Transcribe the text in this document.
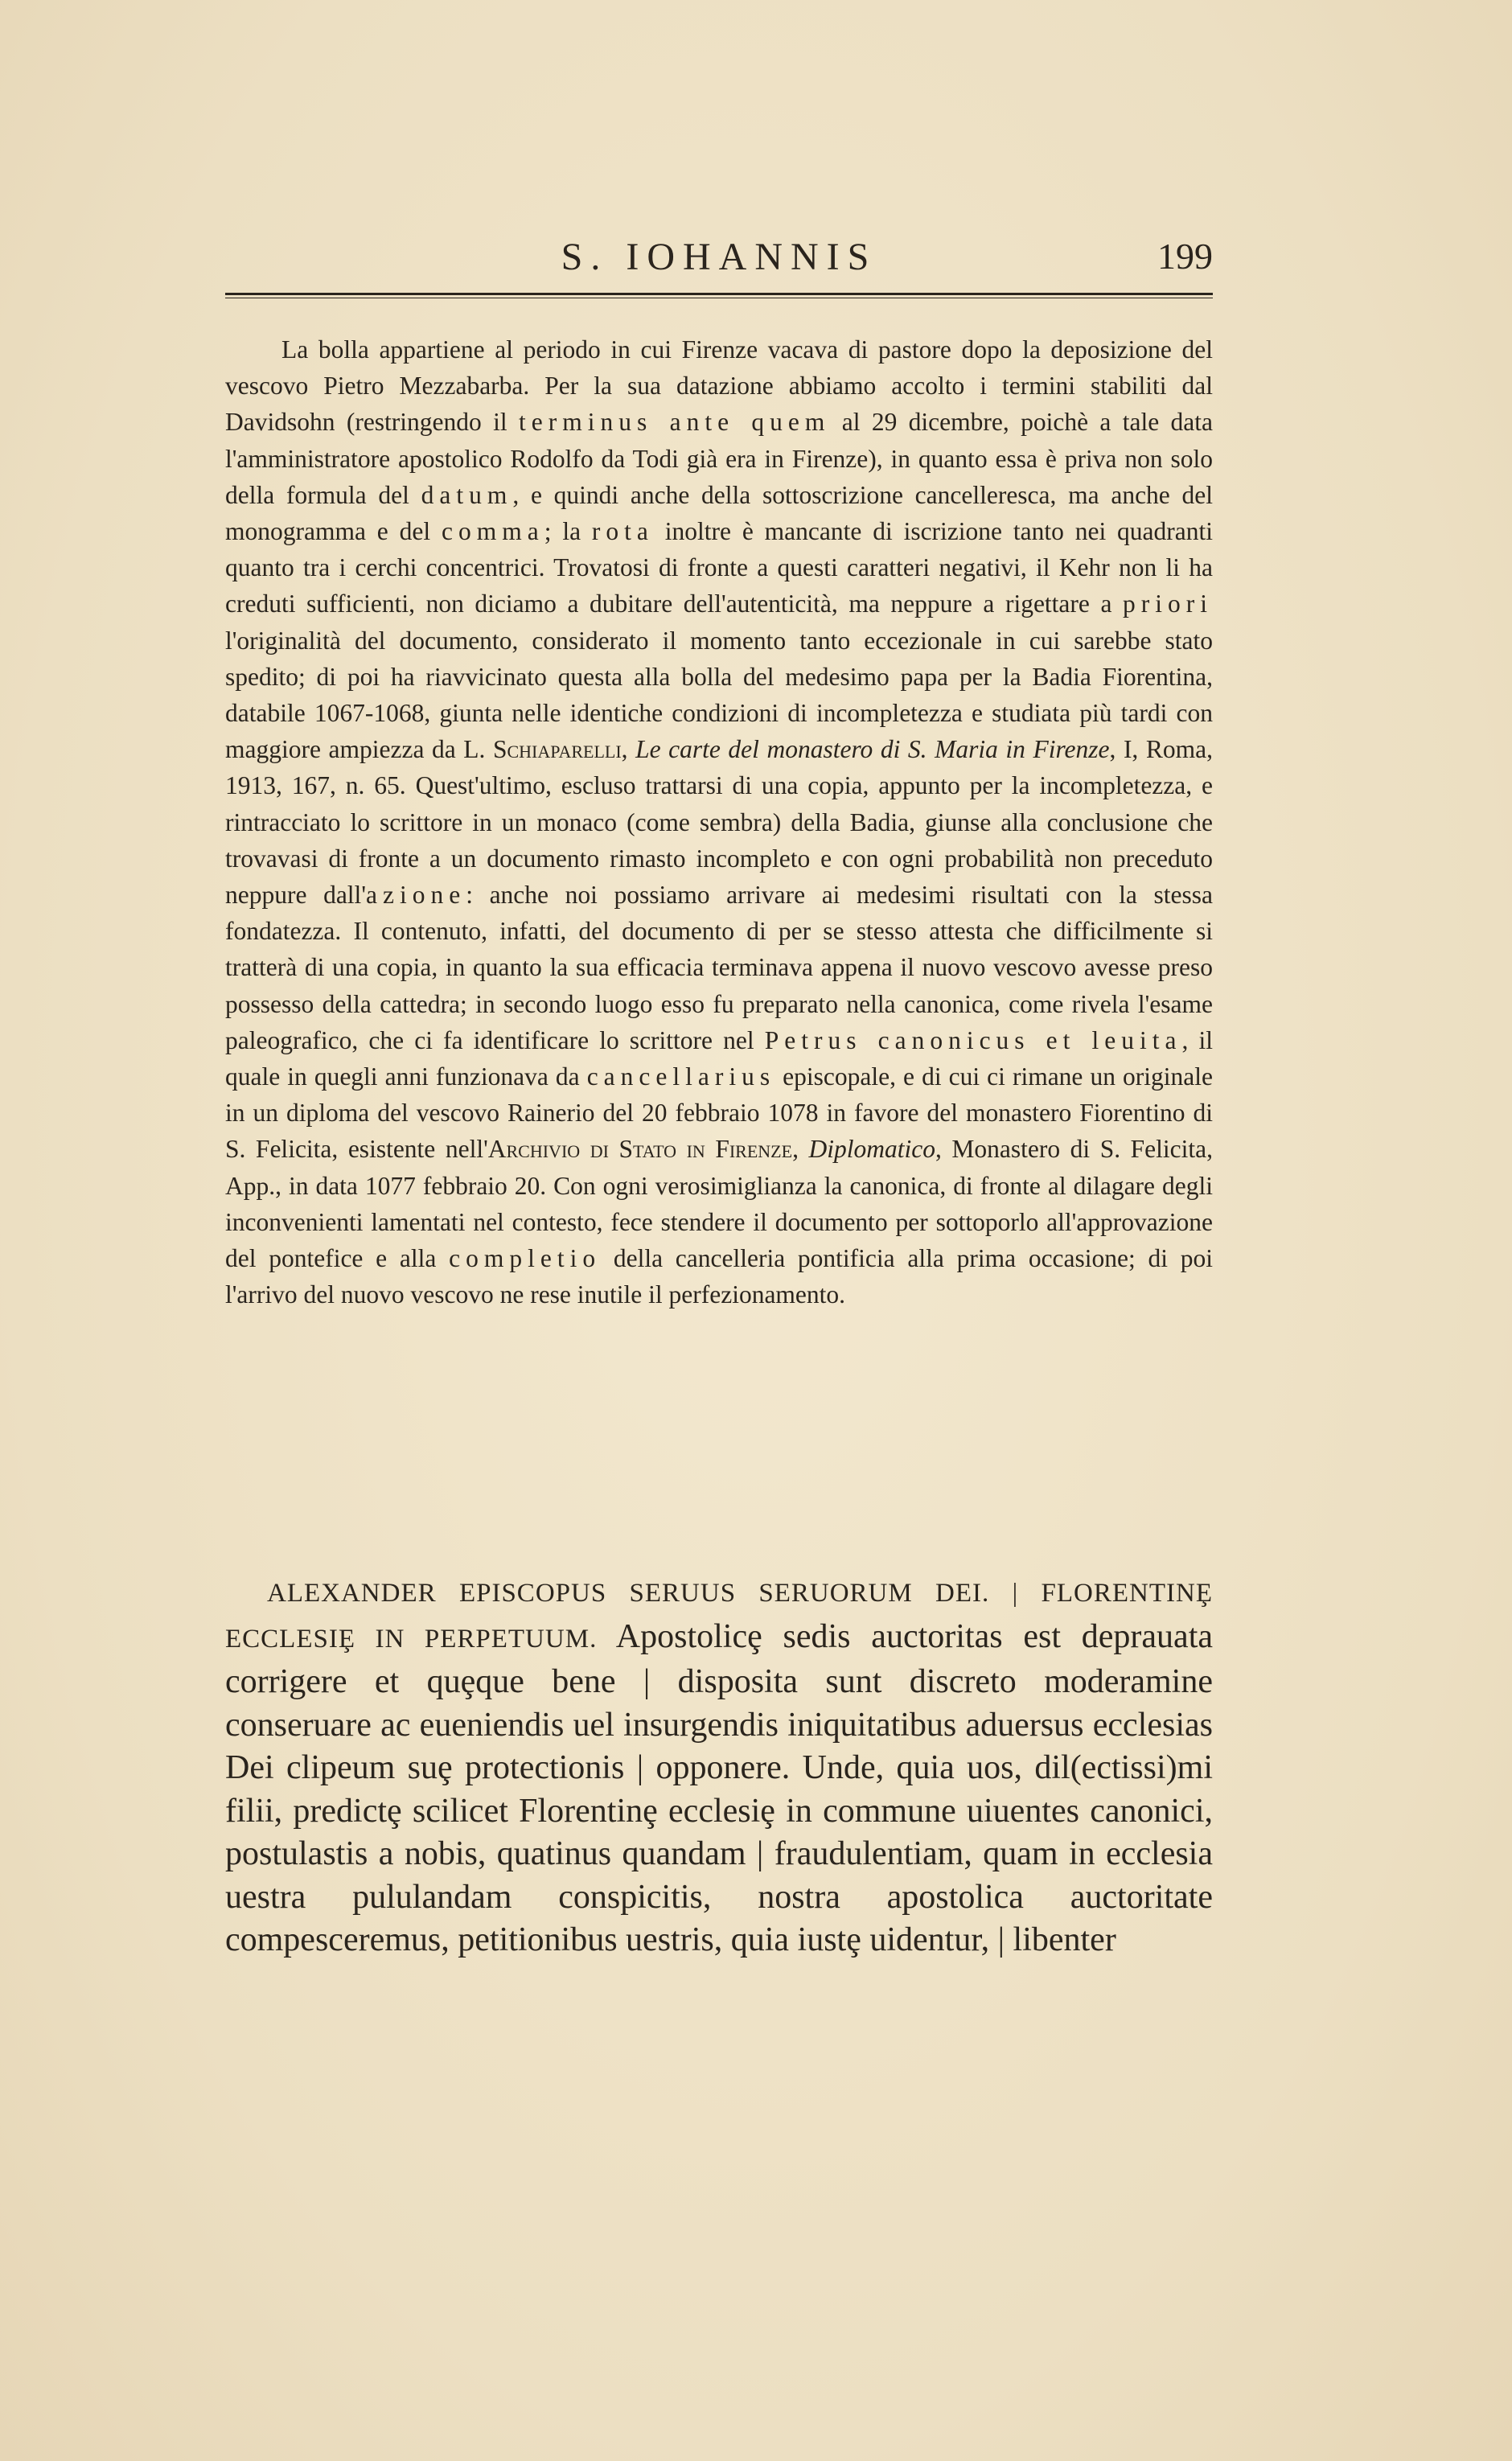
S. IOHANNIS	199

La bolla appartiene al periodo in cui Firenze vacava di pastore dopo la deposizione del vescovo Pietro Mezzabarba. Per la sua datazione abbiamo accolto i termini stabiliti dal Davidsohn (restringendo il terminus ante quem al 29 dicembre, poichè a tale data l'amministratore apostolico Rodolfo da Todi già era in Firenze), in quanto essa è priva non solo della formula del datum, e quindi anche della sottoscrizione cancelleresca, ma anche del monogramma e del comma; la rota inoltre è mancante di iscrizione tanto nei quadranti quanto tra i cerchi concentrici. Trovatosi di fronte a questi caratteri negativi, il Kehr non li ha creduti sufficienti, non diciamo a dubitare dell'autenticità, ma neppure a rigettare a priori l'originalità del documento, considerato il momento tanto eccezionale in cui sarebbe stato spedito; di poi ha riavvicinato questa alla bolla del medesimo papa per la Badia Fiorentina, databile 1067-1068, giunta nelle identiche condizioni di incompletezza e studiata più tardi con maggiore ampiezza da L. Schiaparelli, Le carte del monastero di S. Maria in Firenze, I, Roma, 1913, 167, n. 65. Quest'ultimo, escluso trattarsi di una copia, appunto per la incompletezza, e rintracciato lo scrittore in un monaco (come sembra) della Badia, giunse alla conclusione che trovavasi di fronte a un documento rimasto incompleto e con ogni probabilità non preceduto neppure dall'azione: anche noi possiamo arrivare ai medesimi risultati con la stessa fondatezza. Il contenuto, infatti, del documento di per se stesso attesta che difficilmente si tratterà di una copia, in quanto la sua efficacia terminava appena il nuovo vescovo avesse preso possesso della cattedra; in secondo luogo esso fu preparato nella canonica, come rivela l'esame paleografico, che ci fa identificare lo scrittore nel Petrus canonicus et leuita, il quale in quegli anni funzionava da cancellarius episcopale, e di cui ci rimane un originale in un diploma del vescovo Rainerio del 20 febbraio 1078 in favore del monastero Fiorentino di S. Felicita, esistente nell'Archivio di Stato in Firenze, Diplomatico, Monastero di S. Felicita, App., in data 1077 febbraio 20. Con ogni verosimiglianza la canonica, di fronte al dilagare degli inconvenienti lamentati nel contesto, fece stendere il documento per sottoporlo all'approvazione del pontefice e alla completio della cancelleria pontificia alla prima occasione; di poi l'arrivo del nuovo vescovo ne rese inutile il perfezionamento.

ALEXANDER EPISCOPUS SERUUS SERUORUM DEI. | FLORENTINȨ ECCLESIȨ IN PERPETUUM. Apostolicȩ sedis auctoritas est deprauata corrigere et quȩque bene | disposita sunt discreto moderamine conseruare ac eueniendis uel insurgendis iniquitatibus aduersus ecclesias Dei clipeum suȩ protectionis | opponere. Unde, quia uos, dil(ectissi)mi filii, predictȩ scilicet Florentinȩ ecclesiȩ in commune uiuentes canonici, postulastis a nobis, quatinus quandam | fraudulentiam, quam in ecclesia uestra pululandam conspicitis, nostra apostolica auctoritate compesceremus, petitionibus uestris, quia iustȩ uidentur, | libenter
